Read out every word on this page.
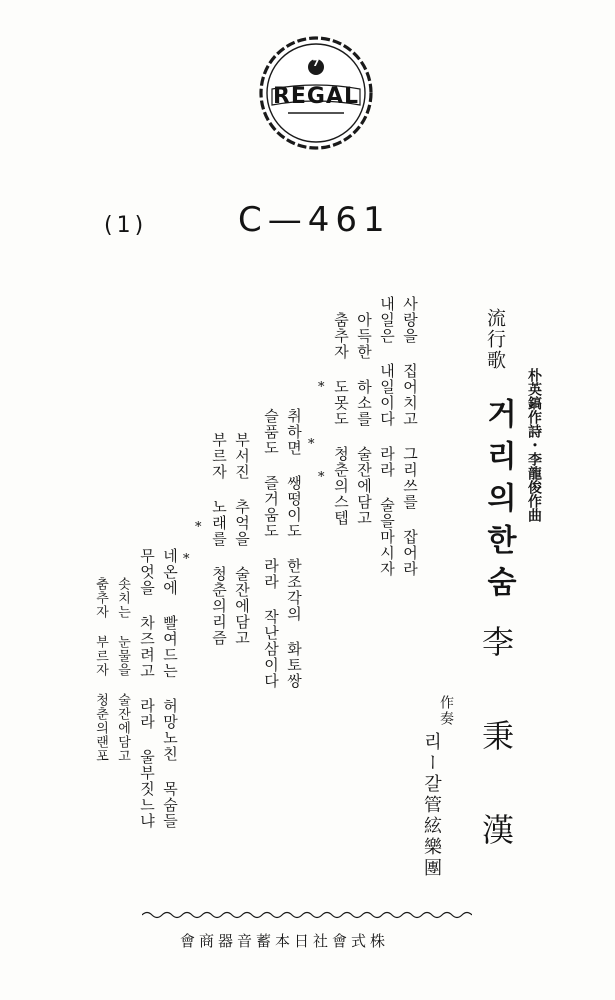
7
REGAL
(1)	C—461
朴英鎬作詩・李龍俊作曲
流行歌
거리의한숨
李秉漢
作奏
리ー갈管絃樂團
사랑을 집어치고 그리쓰를 잡어라
내일은 내일이다 라라 술을마시자
아득한 하소를 술잔에담고
춤추자 도못도 청춘의스텝
*
*
*
취하면 쌩떵이도 한조각의 화토쌍
슬품도 즐거움도 라라 작난삼이다
부서진 추억을 술잔에담고
부르자 노래를 청춘의리즘
*
*
네온에 빨여드는 허망노친 목숨들
무엇을 차즈려고 라라 울부짓느냐
솟치는 눈물을 술잔에담고
춤추자 부르자 청춘의랜포
會商器音蓄本日社會式株
